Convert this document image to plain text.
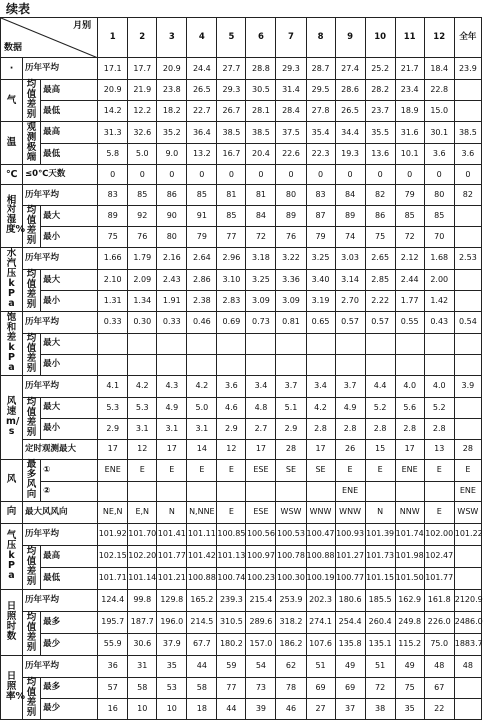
续表
月别
数据			1	2	3	4	5	6	7	8	9	10	11	12	全年
·	历年平均		17.1	17.7	20.9	24.4	27.7	28.8	29.3	28.7	27.4	25.2	21.7	18.4	23.9
气	均值差别	最高	20.9	21.9	23.8	26.5	29.3	30.5	31.4	29.5	28.6	28.2	23.4	22.8	
		最低	14.2	12.2	18.2	22.7	26.7	28.1	28.4	27.8	26.5	23.7	18.9	15.0	
温	观测极端	最高	31.3	32.6	35.2	36.4	38.5	38.5	37.5	35.4	34.4	35.5	31.6	30.1	38.5
		最低	5.8	5.0	9.0	13.2	16.7	20.4	22.6	22.3	19.3	13.6	10.1	3.6	3.6
℃	≤0℃天数		0	0	0	0	0	0	0	0	0	0	0	0	0
相对湿度%	历年平均		83	85	86	85	81	81	80	83	84	82	79	80	82
	均值差别	最大	89	92	90	91	85	84	89	87	89	86	85	85	
		最小	75	76	80	79	77	72	76	79	74	75	72	70	
水汽压kPa	历年平均		1.66	1.79	2.16	2.64	2.96	3.18	3.22	3.25	3.03	2.65	2.12	1.68	2.53
	均值差别	最大	2.10	2.09	2.43	2.86	3.10	3.25	3.36	3.40	3.14	2.85	2.44	2.00	
		最小	1.31	1.34	1.91	2.38	2.83	3.09	3.09	3.19	2.70	2.22	1.77	1.42	
饱和差kPa	历年平均		0.33	0.30	0.33	0.46	0.69	0.73	0.81	0.65	0.57	0.57	0.55	0.43	0.54
	均值差别	最大													
		最小													
风速m/s	历年平均		4.1	4.2	4.3	4.2	3.6	3.4	3.7	3.4	3.7	4.4	4.0	4.0	3.9
	均值差别	最大	5.3	5.3	4.9	5.0	4.6	4.8	5.1	4.2	4.9	5.2	5.6	5.2	
		最小	2.9	3.1	3.1	3.1	2.9	2.7	2.9	2.8	2.8	2.8	2.8	2.8	
	定时观测最大		17	12	17	14	12	17	28	17	26	15	17	13	28
风	最多风向	①	ENE	E	E	E	E	ESE	SE	SE	E	E	ENE	E	E
		②									ENE				ENE
向	最大风风向		NE,N	E,N	N	N,NNE	E	ESE	WSW	WNW	WNW	N	NNW	E	WSW
气压kPa	历年平均		101.92	101.70	101.41	101.11	100.85	100.56	100.53	100.47	100.93	101.39	101.74	102.00	101.22
	均值差别	最高	102.15	102.20	101.77	101.42	101.13	100.97	100.78	100.88	101.27	101.73	101.98	102.47	
		最低	101.71	101.14	101.21	100.88	100.74	100.23	100.30	100.19	100.77	101.15	101.50	101.77	
日照时数	历年平均		124.4	99.8	129.8	165.2	239.3	215.4	253.9	202.3	180.6	185.5	162.9	161.8	2120.9
	均值差别	最多	195.7	187.7	196.0	214.5	310.5	289.6	318.2	274.1	254.4	260.4	249.8	226.0	2486.0
		最少	55.9	30.6	37.9	67.7	180.2	157.0	186.2	107.6	135.8	135.1	115.2	75.0	1883.7
日照率%	历年平均		36	31	35	44	59	54	62	51	49	51	49	48	48
	均值差别	最多	57	58	53	58	77	73	78	69	69	72	75	67	
		最少	16	10	10	18	44	39	46	27	37	38	35	22	
